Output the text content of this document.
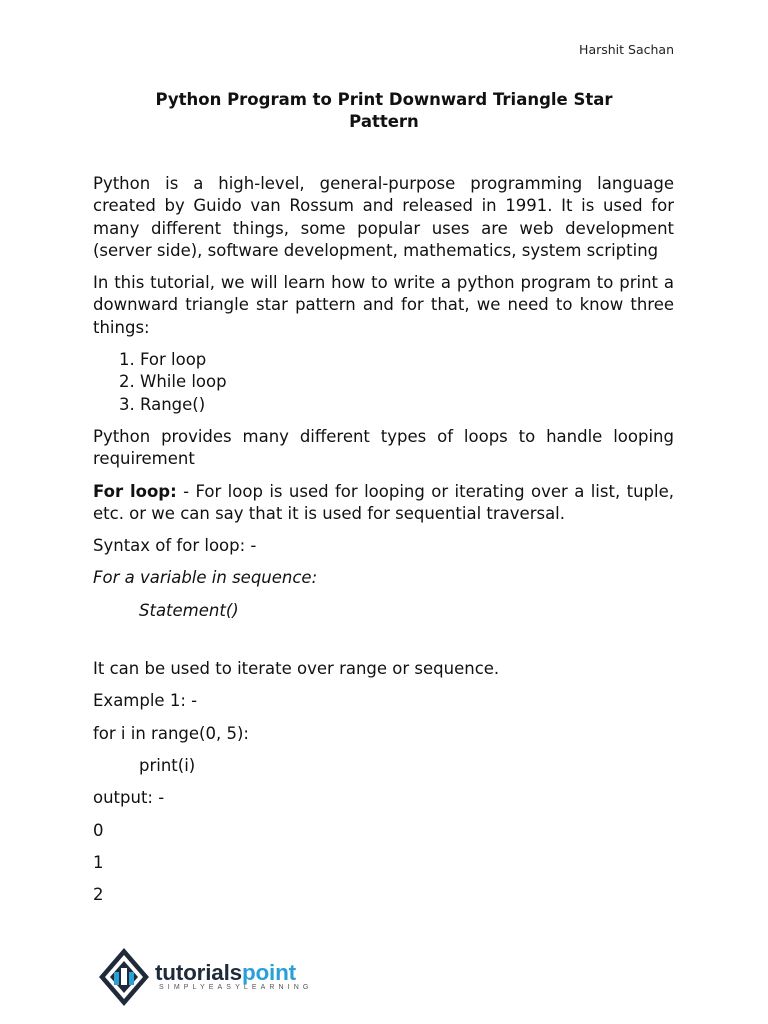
Harshit Sachan
Python Program to Print Downward Triangle Star Pattern

Python is a high-level, general-purpose programming language created by Guido van Rossum and released in 1991. It is used for many different things, some popular uses are web development (server side), software development, mathematics, system scripting

In this tutorial, we will learn how to write a python program to print a downward triangle star pattern and for that, we need to know three things:

1. For loop
2. While loop
3. Range()

Python provides many different types of loops to handle looping requirement

For loop: - For loop is used for looping or iterating over a list, tuple, etc. or we can say that it is used for sequential traversal.

Syntax of for loop: -

For a variable in sequence:

Statement()

It can be used to iterate over range or sequence.

Example 1: -

for i in range(0, 5):

print(i)

output: -

0

1

2

tutorialspoint
SIMPLYEASYLEARNING
